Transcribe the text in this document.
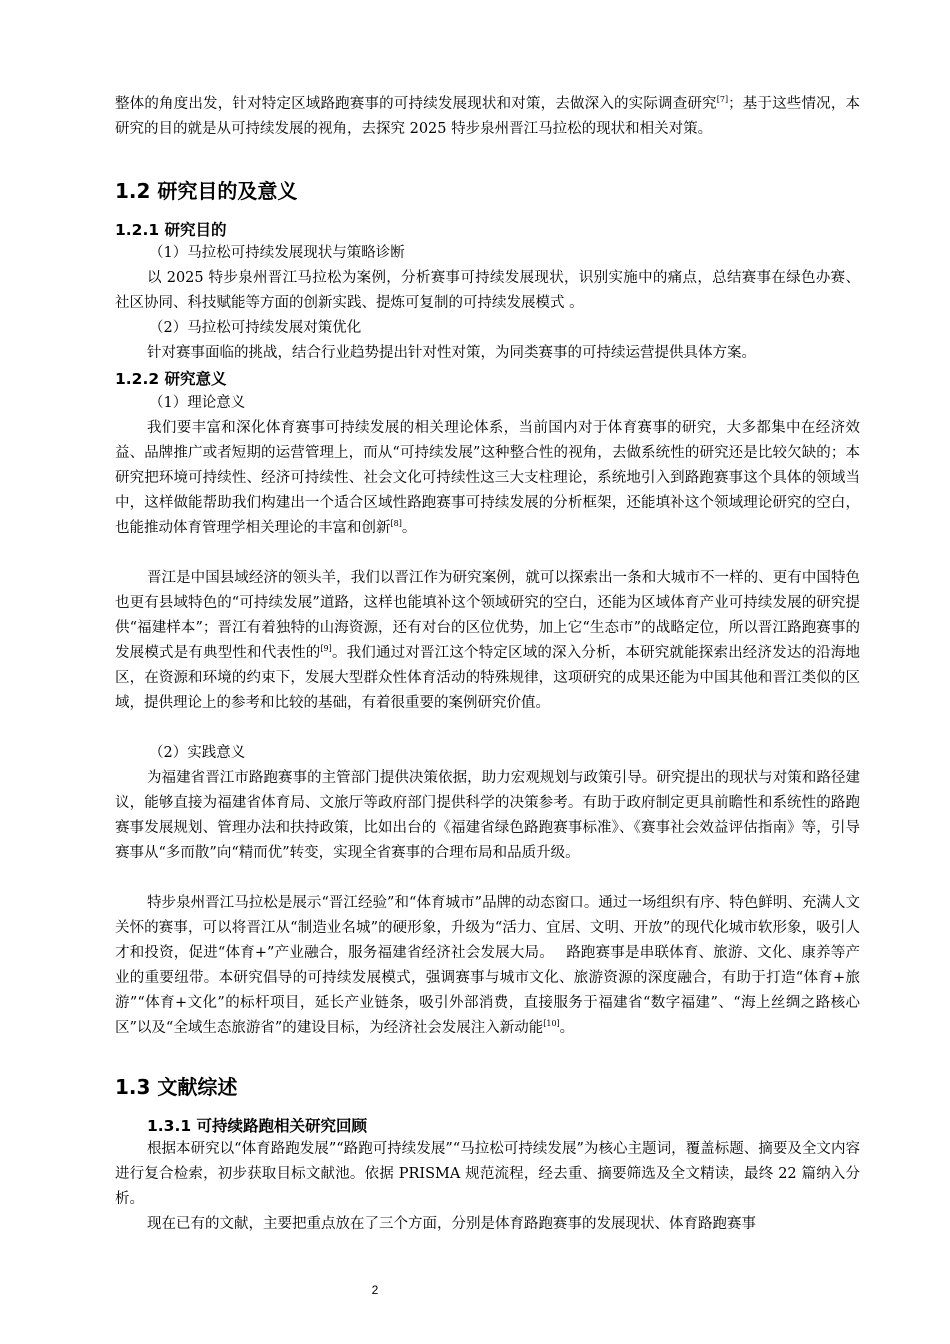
整体的角度出发，针对特定区域路跑赛事的可持续发展现状和对策，去做深入的实际调查研究[7]；基于这些情况，本研究的目的就是从可持续发展的视角，去探究 2025 特步泉州晋江马拉松的现状和相关对策。
1.2 研究目的及意义
1.2.1 研究目的
（1）马拉松可持续发展现状与策略诊断
以 2025 特步泉州晋江马拉松为案例，分析赛事可持续发展现状，识别实施中的痛点，总结赛事在绿色办赛、社区协同、科技赋能等方面的创新实践、提炼可复制的可持续发展模式 。
（2）马拉松可持续发展对策优化
针对赛事面临的挑战，结合行业趋势提出针对性对策，为同类赛事的可持续运营提供具体方案。
1.2.2 研究意义
（1）理论意义
我们要丰富和深化体育赛事可持续发展的相关理论体系，当前国内对于体育赛事的研究，大多都集中在经济效益、品牌推广或者短期的运营管理上，而从“可持续发展”这种整合性的视角，去做系统性的研究还是比较欠缺的；本研究把环境可持续性、经济可持续性、社会文化可持续性这三大支柱理论，系统地引入到路跑赛事这个具体的领域当中，这样做能帮助我们构建出一个适合区域性路跑赛事可持续发展的分析框架，还能填补这个领域理论研究的空白，也能推动体育管理学相关理论的丰富和创新[8]。
晋江是中国县域经济的领头羊，我们以晋江作为研究案例，就可以探索出一条和大城市不一样的、更有中国特色也更有县域特色的“可持续发展”道路，这样也能填补这个领域研究的空白，还能为区域体育产业可持续发展的研究提供“福建样本”；晋江有着独特的山海资源，还有对台的区位优势，加上它“生态市”的战略定位，所以晋江路跑赛事的发展模式是有典型性和代表性的[9]。我们通过对晋江这个特定区域的深入分析，本研究就能探索出经济发达的沿海地区，在资源和环境的约束下，发展大型群众性体育活动的特殊规律，这项研究的成果还能为中国其他和晋江类似的区域，提供理论上的参考和比较的基础，有着很重要的案例研究价值。
（2）实践意义
为福建省晋江市路跑赛事的主管部门提供决策依据，助力宏观规划与政策引导。研究提出的现状与对策和路径建议，能够直接为福建省体育局、文旅厅等政府部门提供科学的决策参考。有助于政府制定更具前瞻性和系统性的路跑赛事发展规划、管理办法和扶持政策，比如出台的《福建省绿色路跑赛事标准》、《赛事社会效益评估指南》等，引导赛事从“多而散”向“精而优”转变，实现全省赛事的合理布局和品质升级。
特步泉州晋江马拉松是展示“晋江经验”和“体育城市”品牌的动态窗口。通过一场组织有序、特色鲜明、充满人文关怀的赛事，可以将晋江从“制造业名城”的硬形象，升级为“活力、宜居、文明、开放”的现代化城市软形象，吸引人才和投资，促进“体育+”产业融合，服务福建省经济社会发展大局。　 路跑赛事是串联体育、旅游、文化、康养等产业的重要纽带。本研究倡导的可持续发展模式，强调赛事与城市文化、旅游资源的深度融合，有助于打造“体育+旅游”“体育+文化”的标杆项目，延长产业链条，吸引外部消费，直接服务于福建省“数字福建”、“海上丝绸之路核心区”以及“全域生态旅游省”的建设目标，为经济社会发展注入新动能[10]。
1.3 文献综述
1.3.1 可持续路跑相关研究回顾
根据本研究以“体育路跑发展”“路跑可持续发展”“马拉松可持续发展”为核心主题词，覆盖标题、摘要及全文内容进行复合检索，初步获取目标文献池。依据 PRISMA 规范流程，经去重、摘要筛选及全文精读，最终 22 篇纳入分析。
现在已有的文献，主要把重点放在了三个方面，分别是体育路跑赛事的发展现状、体育路跑赛事
2
